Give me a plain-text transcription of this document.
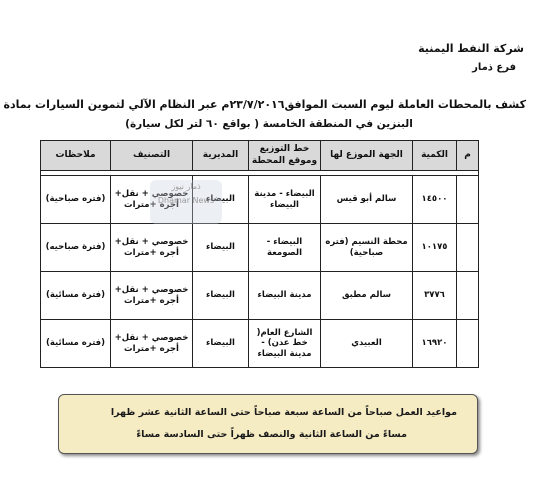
شركة النفط اليمنية
فرع ذمار
كشف بالمحطات العاملة ليوم السبت الموافق٢٣/٧/٢٠١٦م عبر النظام الآلي لتموين السيارات بمادة
البنزين في المنطقة الخامسة ( بواقع ٦٠ لتر لكل سيارة)
م	الكمية	الجهة الموزع لها	خط التوزيع وموقع المحطة	المديرية	التصنيف	ملاحظات

	١٤٥٠٠	سالم أبو قيس	البيضاء - مدينة البيضاء	البيضاء	خصوصي + نقل+ أجره +مترات	(فتره صباحية)
	١٠١٧٥	محطة النسيم (فتره صباحية)	البيضاء - الصومعة	البيضاء	خصوصي + نقل+ أجره +مترات	(فترة صباحيه)
	٣٧٧٦	سالم مطبق	مدينة البيضاء	البيضاء	خصوصي + نقل+ أجره +مترات	(فترة مسائية)
	١٦٩٢٠	العبيدي	الشارع العام( خط عدن) - مدينة البيضاء	البيضاء	خصوصي + نقل+ أجره +مترات	(فتره مسائية)
ذمار نيوز
Dhamar News
مواعيد العمل صباحاً من الساعة سبعة صباحاً حتى الساعة الثانية عشر ظهرا
مساءً من الساعة الثانية والنصف ظهراً حتى السادسة مساءً
